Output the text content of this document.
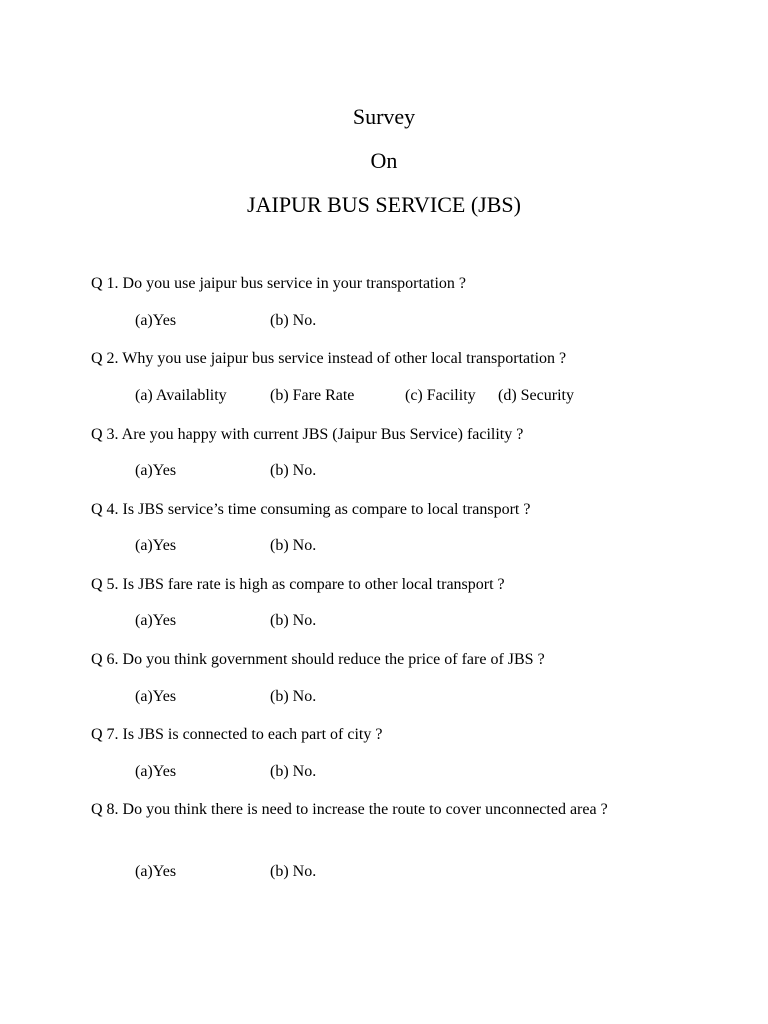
Survey
On
JAIPUR BUS SERVICE (JBS)
Q 1. Do you use jaipur bus service in your transportation ?
(a)Yes	(b) No.
Q 2. Why you use jaipur bus service instead of other local transportation ?
(a) Availablity	(b) Fare Rate	(c) Facility (d) Security
Q 3. Are you happy with current JBS (Jaipur Bus Service) facility ?
(a)Yes	(b) No.
Q 4. Is JBS service’s time consuming as compare to local transport ?
(a)Yes	(b) No.
Q 5. Is JBS fare rate is high as compare to other local transport ?
(a)Yes	(b) No.
Q 6. Do you think government should reduce the price of fare of JBS ?
(a)Yes	(b) No.
Q 7. Is JBS is connected to each part of city ?
(a)Yes	(b) No.
Q 8. Do you think there is need to increase the route to cover unconnected area ?
(a)Yes	(b) No.
